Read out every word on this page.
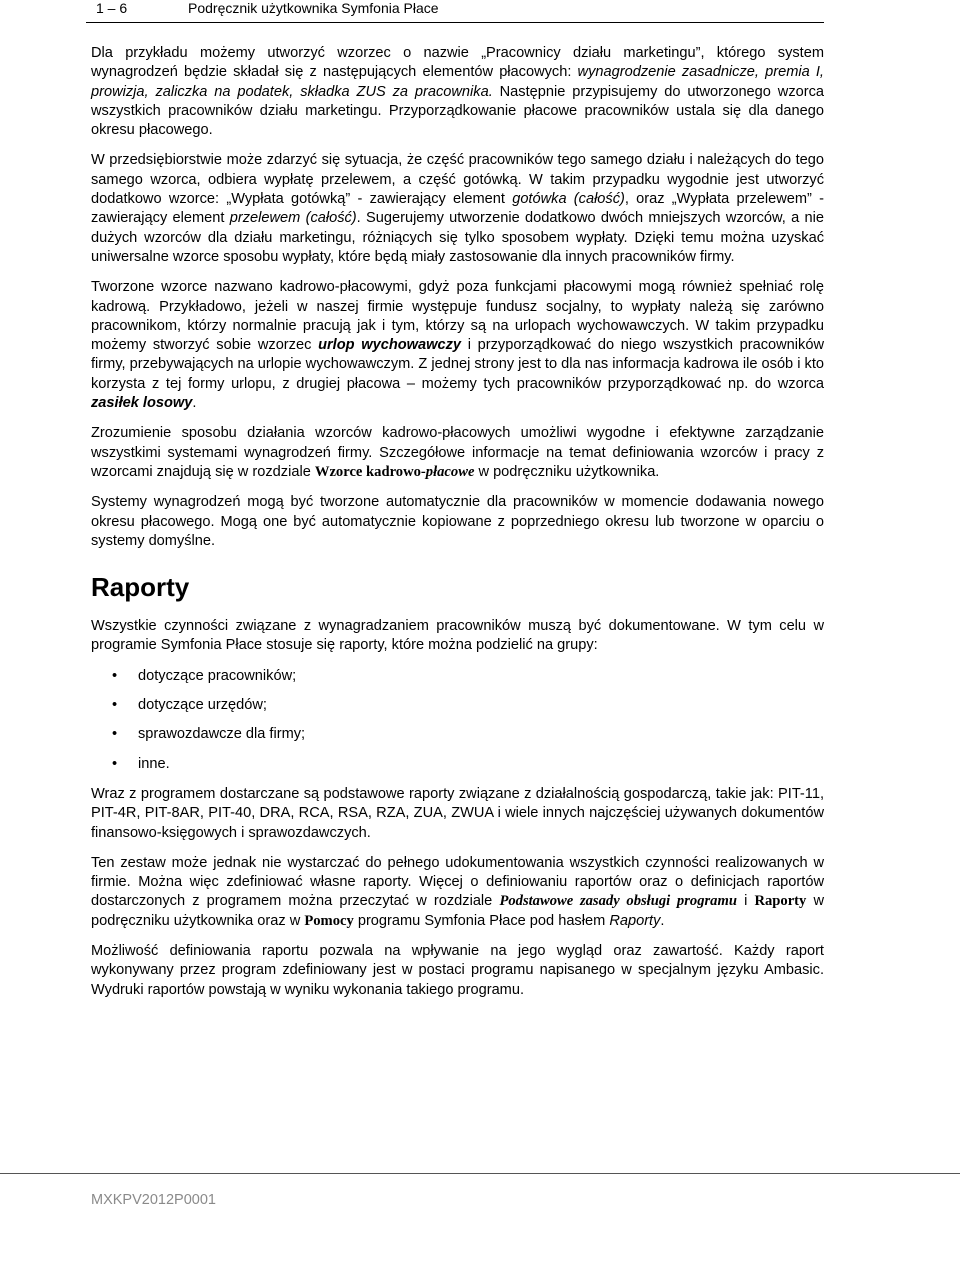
1 – 6	Podręcznik użytkownika Symfonia Płace

Dla przykładu możemy utworzyć wzorzec o nazwie „Pracownicy działu marketingu”, którego system wynagrodzeń będzie składał się z następujących elementów płacowych: wynagrodzenie zasadnicze, premia I, prowizja, zaliczka na podatek, składka ZUS za pracownika. Następnie przypisujemy do utworzonego wzorca wszystkich pracowników działu marketingu. Przyporządkowanie płacowe pracowników ustala się dla danego okresu płacowego.

W przedsiębiorstwie może zdarzyć się sytuacja, że część pracowników tego samego działu i należących do tego samego wzorca, odbiera wypłatę przelewem, a część gotówką. W takim przypadku wygodnie jest utworzyć dodatkowo wzorce: „Wypłata gotówką” - zawierający element gotówka (całość), oraz „Wypłata przelewem” - zawierający element przelewem (całość). Sugerujemy utworzenie dodatkowo dwóch mniejszych wzorców, a nie dużych wzorców dla działu marketingu, różniących się tylko sposobem wypłaty. Dzięki temu można uzyskać uniwersalne wzorce sposobu wypłaty, które będą miały zastosowanie dla innych pracowników firmy.

Tworzone wzorce nazwano kadrowo-płacowymi, gdyż poza funkcjami płacowymi mogą również spełniać rolę kadrową. Przykładowo, jeżeli w naszej firmie występuje fundusz socjalny, to wypłaty należą się zarówno pracownikom, którzy normalnie pracują jak i tym, którzy są na urlopach wychowawczych. W takim przypadku możemy stworzyć sobie wzorzec urlop wychowawczy i przyporządkować do niego wszystkich pracowników firmy, przebywających na urlopie wychowawczym. Z jednej strony jest to dla nas informacja kadrowa ile osób i kto korzysta z tej formy urlopu, z drugiej płacowa – możemy tych pracowników przyporządkować np. do wzorca zasiłek losowy.

Zrozumienie sposobu działania wzorców kadrowo-płacowych umożliwi wygodne i efektywne zarządzanie wszystkimi systemami wynagrodzeń firmy. Szczegółowe informacje na temat definiowania wzorców i pracy z wzorcami znajdują się w rozdziale Wzorce kadrowo-płacowe w podręczniku użytkownika.

Systemy wynagrodzeń mogą być tworzone automatycznie dla pracowników w momencie dodawania nowego okresu płacowego. Mogą one być automatycznie kopiowane z poprzedniego okresu lub tworzone w oparciu o systemy domyślne.

Raporty

Wszystkie czynności związane z wynagradzaniem pracowników muszą być dokumentowane. W tym celu w programie Symfonia Płace stosuje się raporty, które można podzielić na grupy:

• dotyczące pracowników;
• dotyczące urzędów;
• sprawozdawcze dla firmy;
• inne.

Wraz z programem dostarczane są podstawowe raporty związane z działalnością gospodarczą, takie jak: PIT-11, PIT-4R, PIT-8AR, PIT-40, DRA, RCA, RSA, RZA, ZUA, ZWUA i wiele innych najczęściej używanych dokumentów finansowo-księgowych i sprawozdawczych.

Ten zestaw może jednak nie wystarczać do pełnego udokumentowania wszystkich czynności realizowanych w firmie. Można więc zdefiniować własne raporty. Więcej o definiowaniu raportów oraz o definicjach raportów dostarczonych z programem można przeczytać w rozdziale Podstawowe zasady obsługi programu i Raporty w podręczniku użytkownika oraz w Pomocy programu Symfonia Płace pod hasłem Raporty.

Możliwość definiowania raportu pozwala na wpływanie na jego wygląd oraz zawartość. Każdy raport wykonywany przez program zdefiniowany jest w postaci programu napisanego w specjalnym języku Ambasic. Wydruki raportów powstają w wyniku wykonania takiego programu.

MXKPV2012P0001
